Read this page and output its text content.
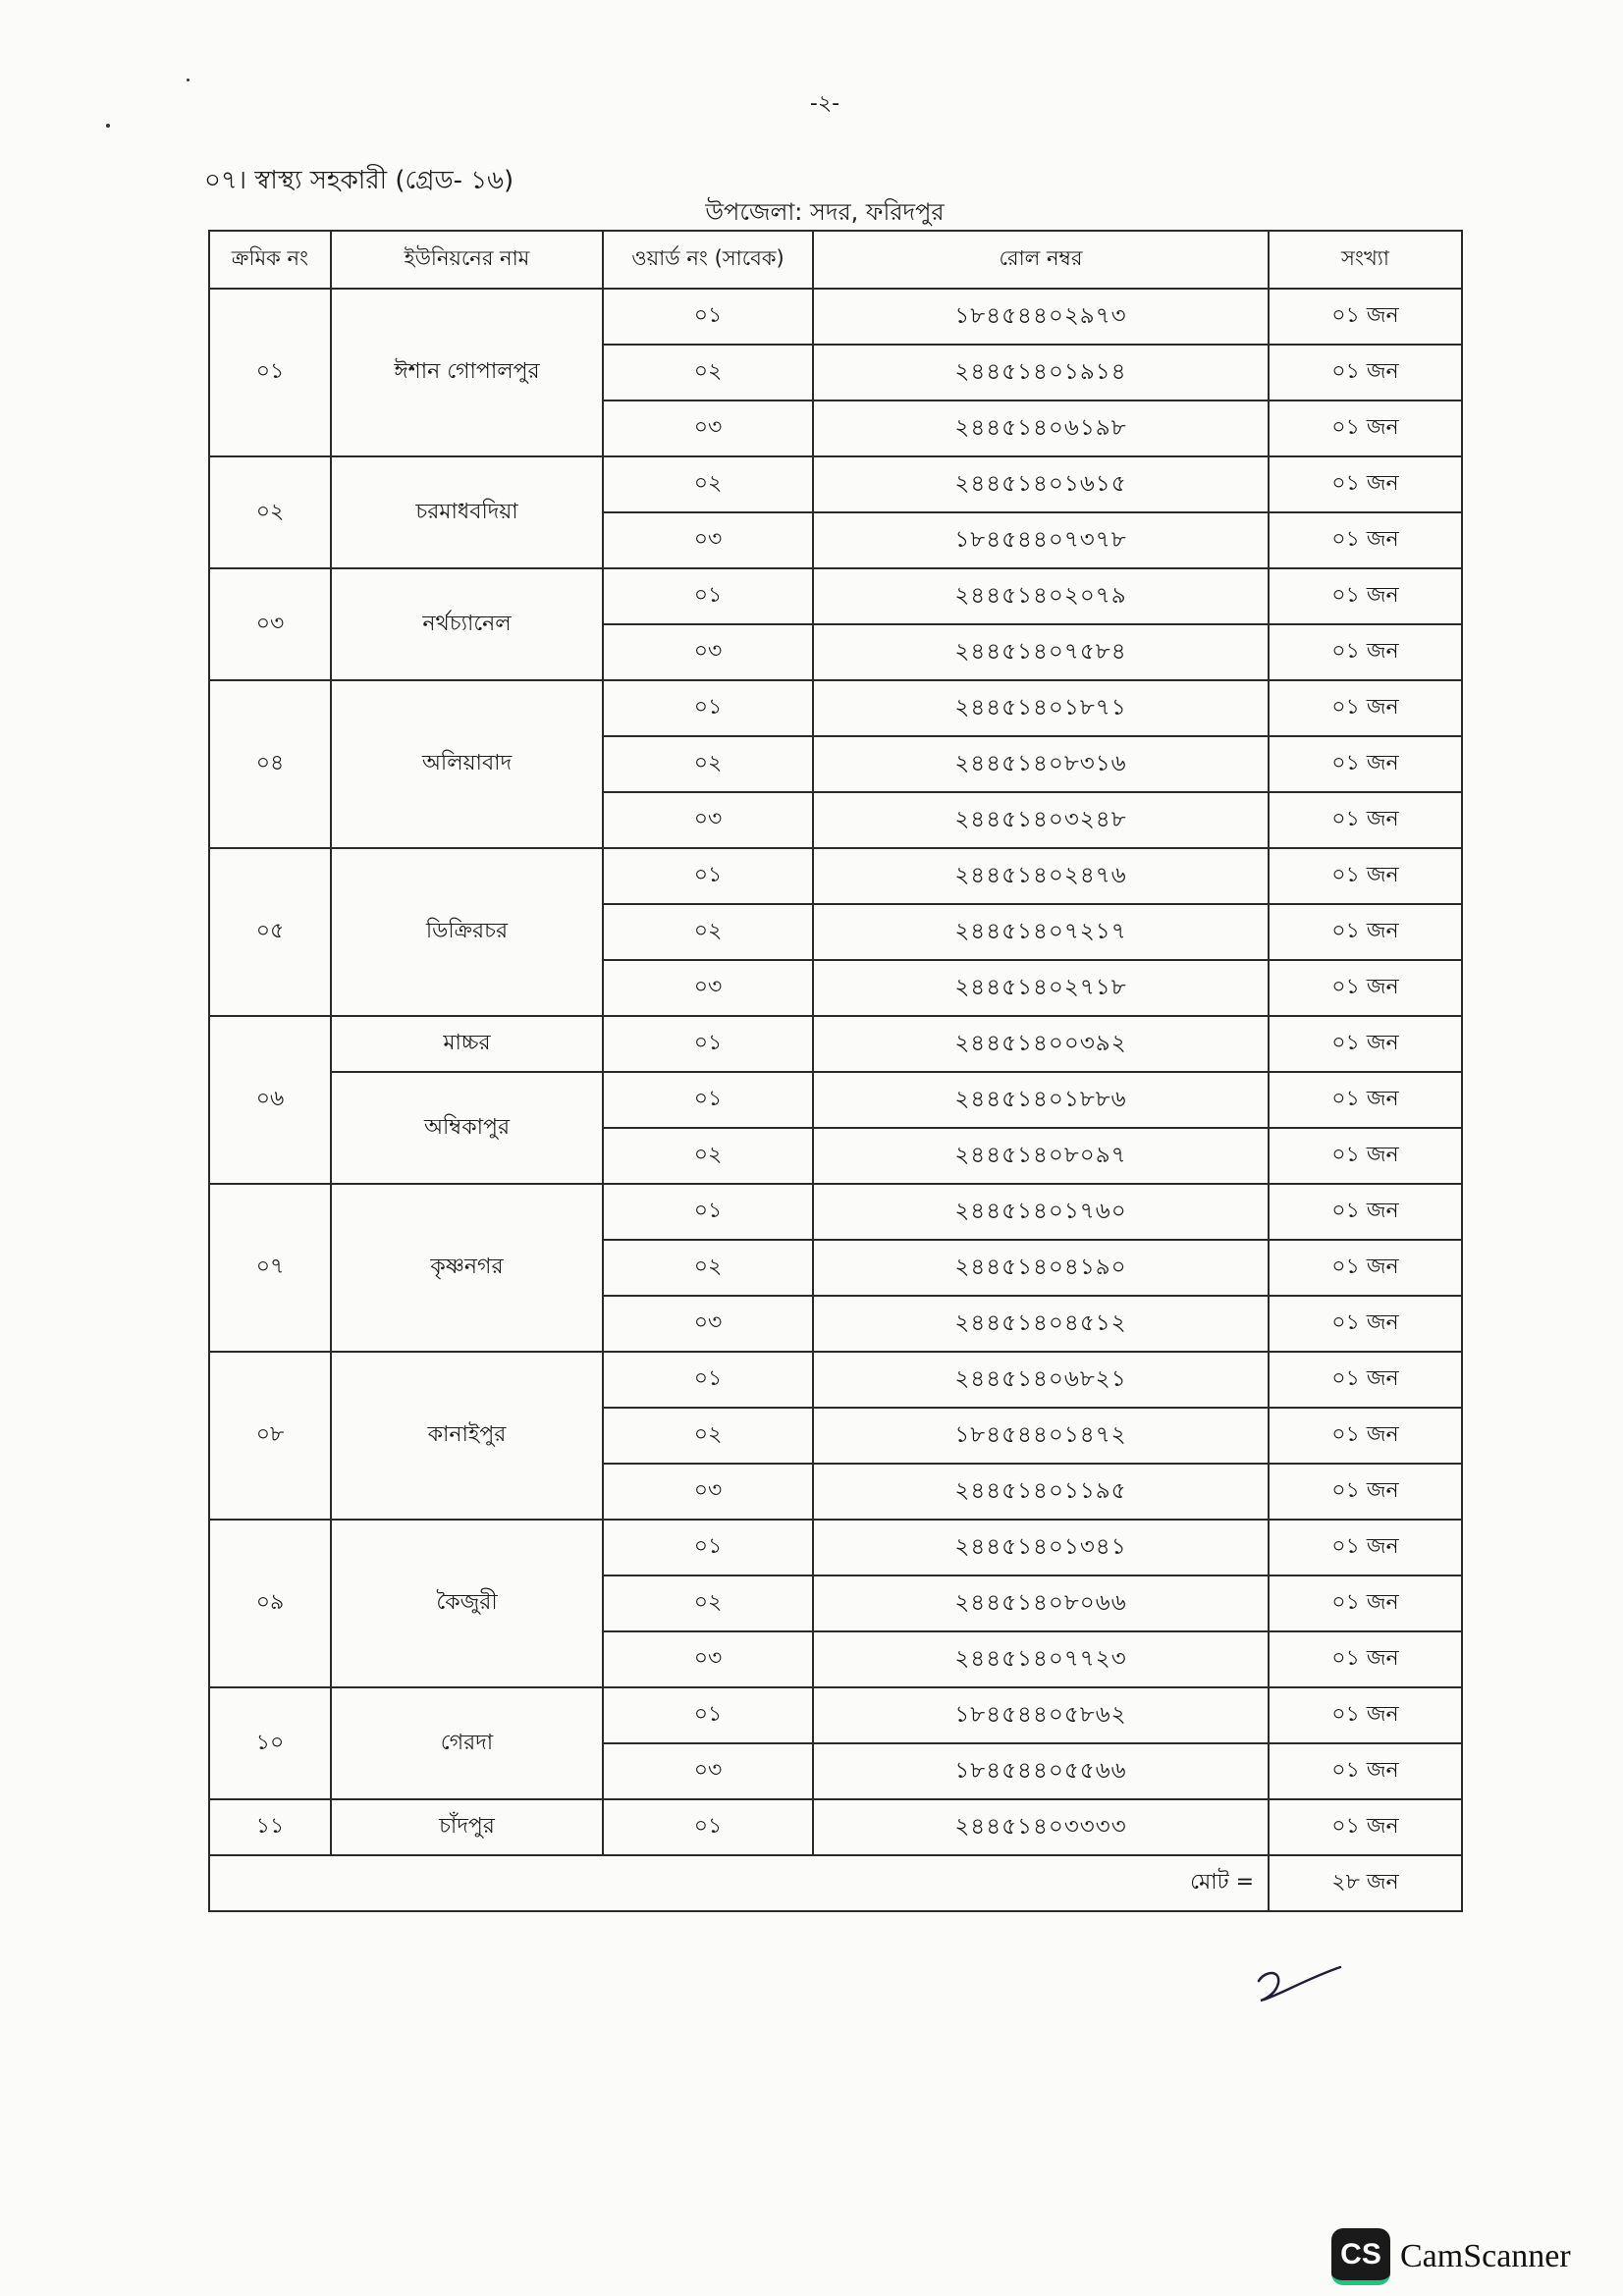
-২-
০৭। স্বাস্থ্য সহকারী (গ্রেড- ১৬)
উপজেলা: সদর, ফরিদপুর
ক্রমিক নং	ইউনিয়নের নাম	ওয়ার্ড নং (সাবেক)	রোল নম্বর	সংখ্যা
০১	ঈশান গোপালপুর	০১	১৮৪৫৪৪০২৯৭৩	০১ জন
		০২	২৪৪৫১৪০১৯১৪	০১ জন
		০৩	২৪৪৫১৪০৬১৯৮	০১ জন
০২	চরমাধবদিয়া	০২	২৪৪৫১৪০১৬১৫	০১ জন
		০৩	১৮৪৫৪৪০৭৩৭৮	০১ জন
০৩	নর্থচ্যানেল	০১	২৪৪৫১৪০২০৭৯	০১ জন
		০৩	২৪৪৫১৪০৭৫৮৪	০১ জন
০৪	অলিয়াবাদ	০১	২৪৪৫১৪০১৮৭১	০১ জন
		০২	২৪৪৫১৪০৮৩১৬	০১ জন
		০৩	২৪৪৫১৪০৩২৪৮	০১ জন
০৫	ডিক্রিরচর	০১	২৪৪৫১৪০২৪৭৬	০১ জন
		০২	২৪৪৫১৪০৭২১৭	০১ জন
		০৩	২৪৪৫১৪০২৭১৮	০১ জন
০৬	মাচ্চর	০১	২৪৪৫১৪০০৩৯২	০১ জন
	অম্বিকাপুর	০১	২৪৪৫১৪০১৮৮৬	০১ জন
		০২	২৪৪৫১৪০৮০৯৭	০১ জন
০৭	কৃষ্ণনগর	০১	২৪৪৫১৪০১৭৬০	০১ জন
		০২	২৪৪৫১৪০৪১৯০	০১ জন
		০৩	২৪৪৫১৪০৪৫১২	০১ জন
০৮	কানাইপুর	০১	২৪৪৫১৪০৬৮২১	০১ জন
		০২	১৮৪৫৪৪০১৪৭২	০১ জন
		০৩	২৪৪৫১৪০১১৯৫	০১ জন
০৯	কৈজুরী	০১	২৪৪৫১৪০১৩৪১	০১ জন
		০২	২৪৪৫১৪০৮০৬৬	০১ জন
		০৩	২৪৪৫১৪০৭৭২৩	০১ জন
১০	গেরদা	০১	১৮৪৫৪৪০৫৮৬২	০১ জন
		০৩	১৮৪৫৪৪০৫৫৬৬	০১ জন
১১	চাঁদপুর	০১	২৪৪৫১৪০৩৩৩৩	০১ জন
মোট =				২৮ জন
CS CamScanner
